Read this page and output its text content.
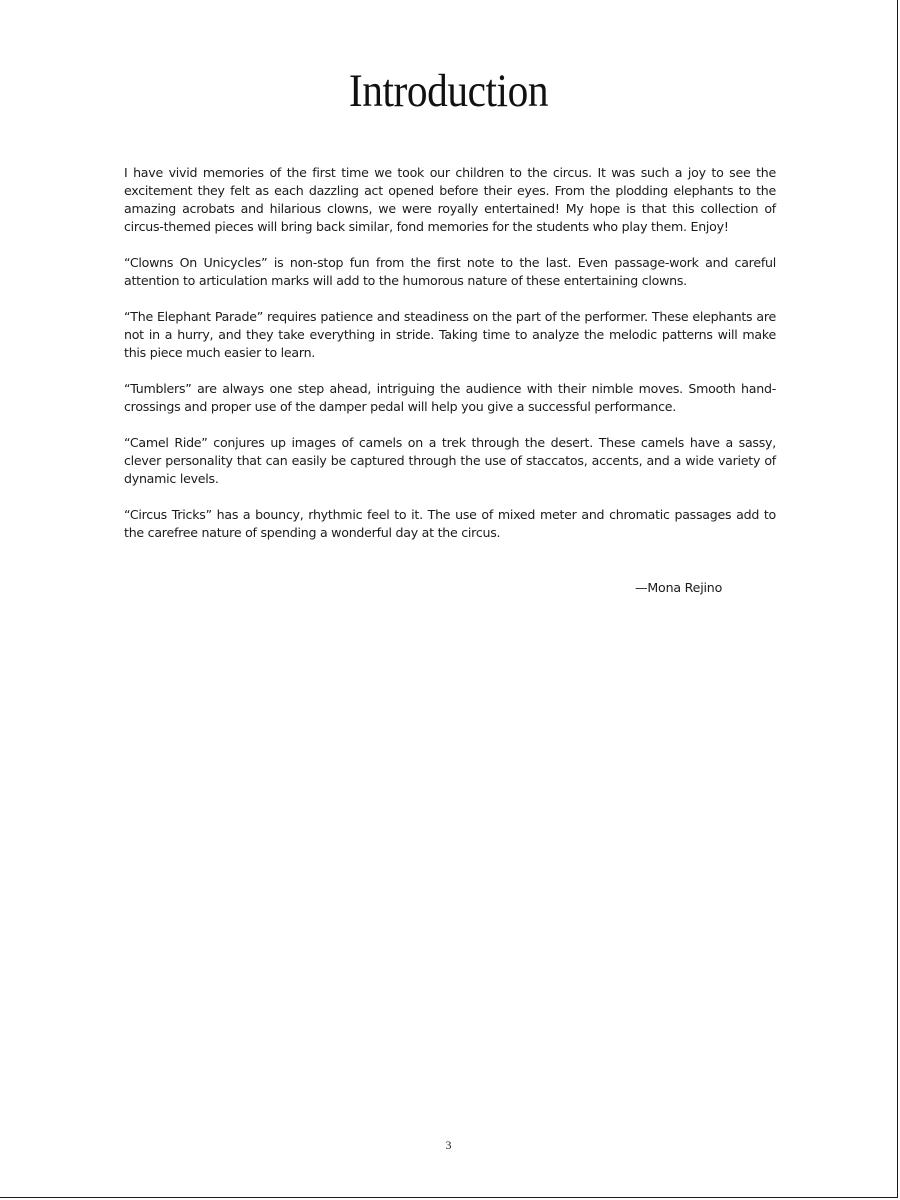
Introduction

I have vivid memories of the first time we took our children to the circus. It was such a joy to see the excitement they felt as each dazzling act opened before their eyes. From the plodding elephants to the amazing acrobats and hilarious clowns, we were royally entertained! My hope is that this collection of circus-themed pieces will bring back similar, fond memories for the students who play them. Enjoy!

“Clowns On Unicycles” is non-stop fun from the first note to the last. Even passage-work and careful attention to articulation marks will add to the humorous nature of these entertaining clowns.

“The Elephant Parade” requires patience and steadiness on the part of the performer. These elephants are not in a hurry, and they take everything in stride. Taking time to analyze the melodic patterns will make this piece much easier to learn.

“Tumblers” are always one step ahead, intriguing the audience with their nimble moves. Smooth hand-crossings and proper use of the damper pedal will help you give a successful performance.

“Camel Ride” conjures up images of camels on a trek through the desert. These camels have a sassy, clever personality that can easily be captured through the use of staccatos, accents, and a wide variety of dynamic levels.

“Circus Tricks” has a bouncy, rhythmic feel to it. The use of mixed meter and chromatic passages add to the carefree nature of spending a wonderful day at the circus.

—Mona Rejino
3
